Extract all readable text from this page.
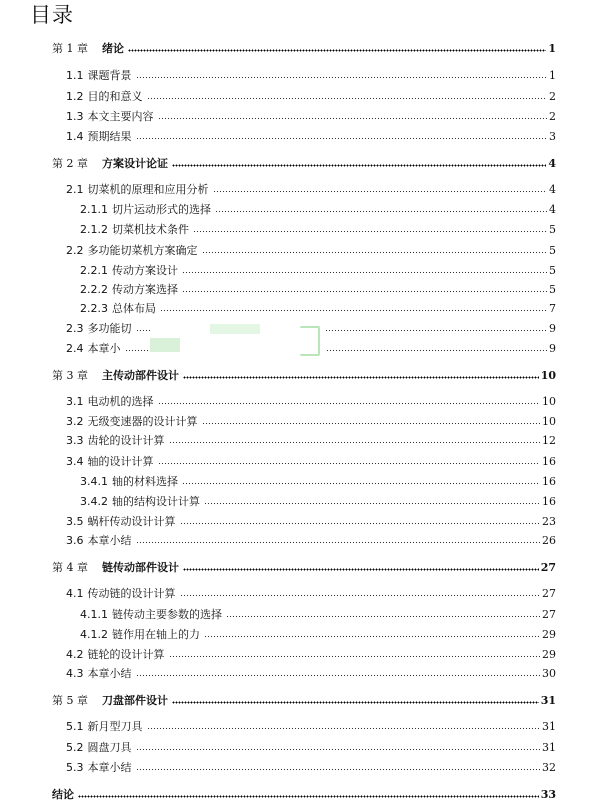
目录
第 1 章 绪论	1
1.1 课题背景	1
1.2 目的和意义	2
1.3 本文主要内容	2
1.4 预期结果	3
第 2 章 方案设计论证	4
2.1 切菜机的原理和应用分析	4
2.1.1 切片运动形式的选择	4
2.1.2 切菜机技术条件	5
2.2 多功能切菜机方案确定	5
2.2.1 传动方案设计	5
2.2.2 传动方案选择	5
2.2.3 总体布局	7
2.3 多功能切	9
2.4 本章小	9
第 3 章 主传动部件设计	10
3.1 电动机的选择	10
3.2 无级变速器的设计计算	10
3.3 齿轮的设计计算	12
3.4 轴的设计计算	16
3.4.1 轴的材料选择	16
3.4.2 轴的结构设计计算	16
3.5 蜗杆传动设计计算	23
3.6 本章小结	26
第 4 章 链传动部件设计	27
4.1 传动链的设计计算	27
4.1.1 链传动主要参数的选择	27
4.1.2 链作用在轴上的力	29
4.2 链轮的设计计算	29
4.3 本章小结	30
第 5 章 刀盘部件设计	31
5.1 新月型刀具	31
5.2 圆盘刀具	31
5.3 本章小结	32
结论	33
